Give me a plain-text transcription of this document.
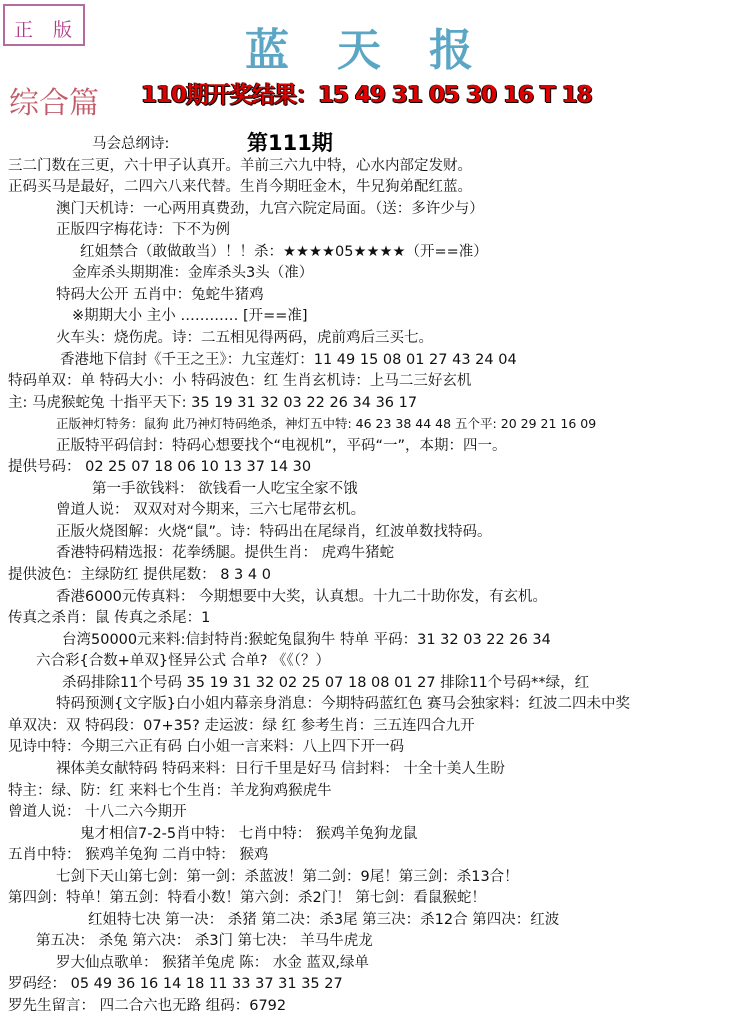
正 版	蓝天报
综合篇 110期开奖结果：15 49 31 05 30 16 T 18
第111期
马会总纲诗:
三二门数在三更，六十甲子认真开。羊前三六九中特，心水内部定发财。
正码买马是最好，二四六八来代替。生肖今期旺金木，牛兄狗弟配红蓝。
澳门天机诗：一心两用真费劲，九宫六院定局面。（送：多许少与）
正版四字梅花诗：下不为例
红姐禁合（敢做敢当）！！杀：★★★★05★★★★（开==准）
金库杀头期期准：金库杀头3头（准）
特码大公开 五肖中：兔蛇牛猪鸡
※期期大小 主小 ………… [开==准]
火车头：烧伤虎。诗：二五相见得两码，虎前鸡后三买七。
香港地下信封《千王之王》：九宝莲灯：11 49 15 08 01 27 43 24 04
特码单双：单 特码大小：小 特码波色：红 生肖玄机诗：上马二三好玄机
主: 马虎猴蛇兔 十指平天下: 35 19 31 32 03 22 26 34 36 17
正版神灯特务：鼠狗 此乃神灯特码绝杀，神灯五中特: 46 23 38 44 48 五个平: 20 29 21 16 09
正版特平码信封：特码心想要找个“电视机”，平码“一”，本期：四一。
提供号码： 02 25 07 18 06 10 13 37 14 30
第一手欲钱料： 欲钱看一人吃宝全家不饿
曾道人说： 双双对对今期来，三六七尾带玄机。
正版火烧图解：火烧“鼠”。诗：特码出在尾绿肖，红波单数找特码。
香港特码精选报：花拳绣腿。提供生肖： 虎鸡牛猪蛇
提供波色：主绿防红 提供尾数： 8 3 4 0
香港6000元传真料： 今期想要中大奖，认真想。十九二十助你发，有玄机。
传真之杀肖：鼠 传真之杀尾：1
台湾50000元来料:信封特肖:猴蛇兔鼠狗牛 特单 平码：31 32 03 22 26 34
六合彩{合数+单双}怪异公式 合单? 《《（？）
杀码排除11个号码 35 19 31 32 02 25 07 18 08 01 27 排除11个号码**绿，红
特码预测{文字版}白小姐内幕亲身消息：今期特码蓝红色 赛马会独家料：红波二四未中奖
单双决：双 特码段：07+35? 走运波：绿 红 参考生肖：三五连四合九开
见诗中特：今期三六正有码 白小姐一言来料：八上四下开一码
裸体美女献特码 特码来料：日行千里是好马 信封料： 十全十美人生盼
特主：绿、防：红 来料七个生肖：羊龙狗鸡猴虎牛
曾道人说： 十八二六今期开
鬼才相信7-2-5肖中特： 七肖中特： 猴鸡羊兔狗龙鼠
五肖中特： 猴鸡羊兔狗 二肖中特： 猴鸡
七剑下天山第七剑：第一剑：杀蓝波！第二剑：9尾！第三剑：杀13合！
第四剑：特单！第五剑：特看小数！第六剑：杀2门！ 第七剑：看鼠猴蛇！
红姐特七决 第一决： 杀猪 第二决：杀3尾 第三决：杀12合 第四决：红波
第五决： 杀兔 第六决： 杀3门 第七决： 羊马牛虎龙
罗大仙点歌单： 猴猪羊兔虎 陈： 水金 蓝双,绿单
罗码经： 05 49 36 16 14 18 11 33 37 31 35 27
罗先生留言： 四二合六也无路 组码：6792
